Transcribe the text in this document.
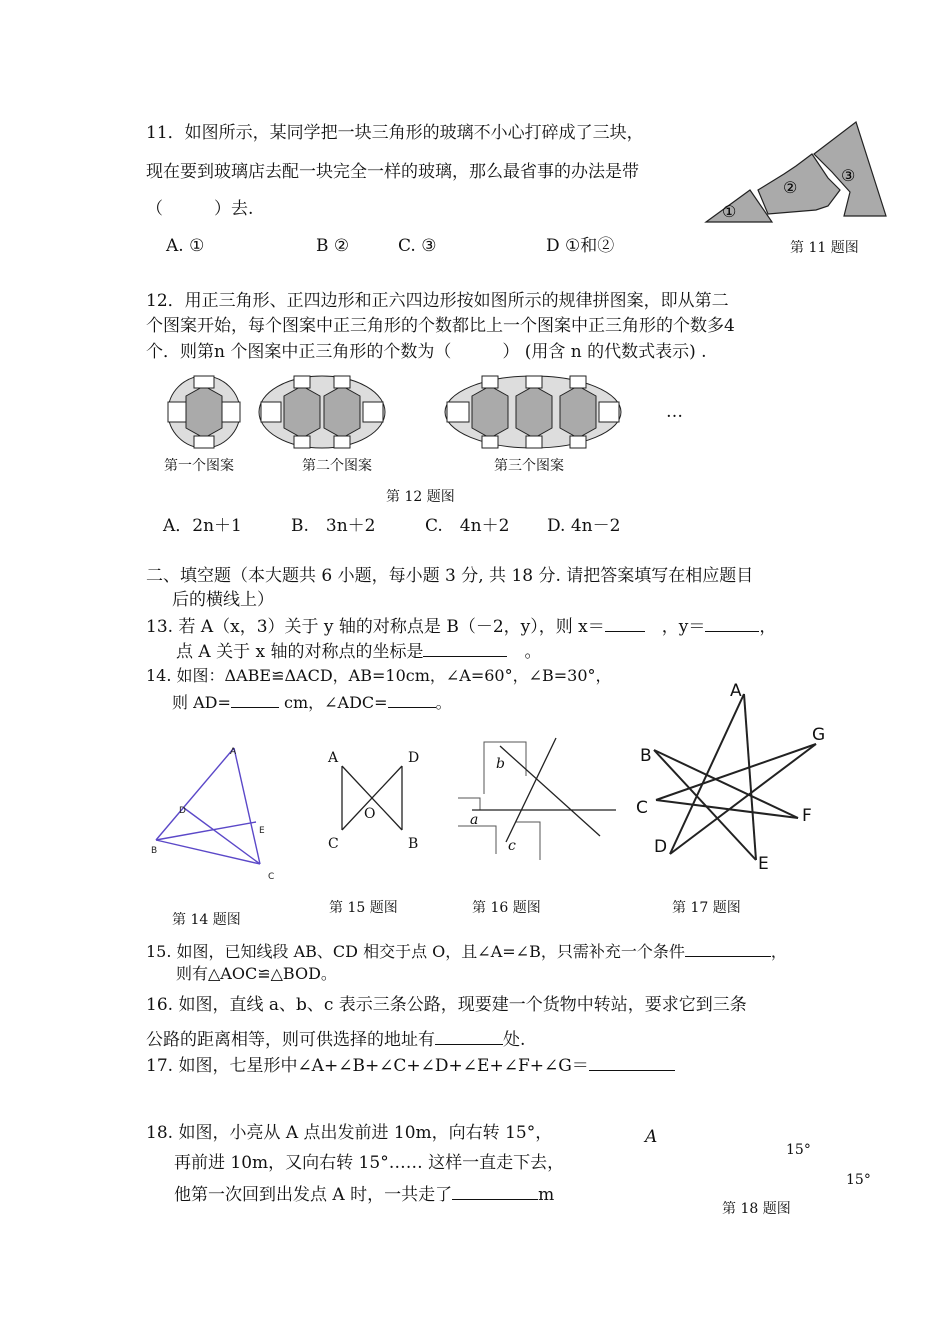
11．如图所示，某同学把一块三角形的玻璃不小心打碎成了三块，
现在要到玻璃店去配一块完全一样的玻璃，那么最省事的办法是带
（　　　）去.
A. ①	B ②	C. ③	D ①和②
①
②
③
第 11 题图
12．用正三角形、正四边形和正六四边形按如图所示的规律拼图案，即从第二
个图案开始，每个图案中正三角形的个数都比上一个图案中正三角形的个数多4
个．则第n 个图案中正三角形的个数为（　　　） (用含 n 的代数式表示) .
…
第一个图案	第二个图案	第三个图案
第 12 题图
A．2n＋1	B.　3n＋2	C.　4n＋2 D. 4n－2
二、填空题（本大题共 6 小题，每小题 3 分, 共 18 分. 请把答案填写在相应题目
后的横线上）
13. 若 A（x，3）关于 y 轴的对称点是 B（－2，y），则 x＝　	，y＝	，
点 A 关于 x 轴的对称点的坐标是　	。
14. 如图：ΔABE≌ΔACD，AB=10cm，∠A=60°，∠B=30°，
则 AD=	cm，∠ADC=	。
A
D
E
B
C
第 14 题图
A	D
O
C	B
第 15 题图
b
a
c
第 16 题图
A
B
G
C	F
D
E
第 17 题图
15. 如图，已知线段 AB、CD 相交于点 O，且∠A=∠B，只需补充一个条件	，
则有△AOC≌△BOD。
16. 如图，直线 a、b、c 表示三条公路，现要建一个货物中转站，要求它到三条
公路的距离相等，则可供选择的地址有	处.
17. 如图，七星形中∠A+∠B+∠C+∠D+∠E+∠F+∠G＝
18. 如图，小亮从 A 点出发前进 10m，向右转 15°，
再前进 10m，又向右转 15°…… 这样一直走下去，
他第一次回到出发点 A 时，一共走了	m
A
15°
15°
第 18 题图
